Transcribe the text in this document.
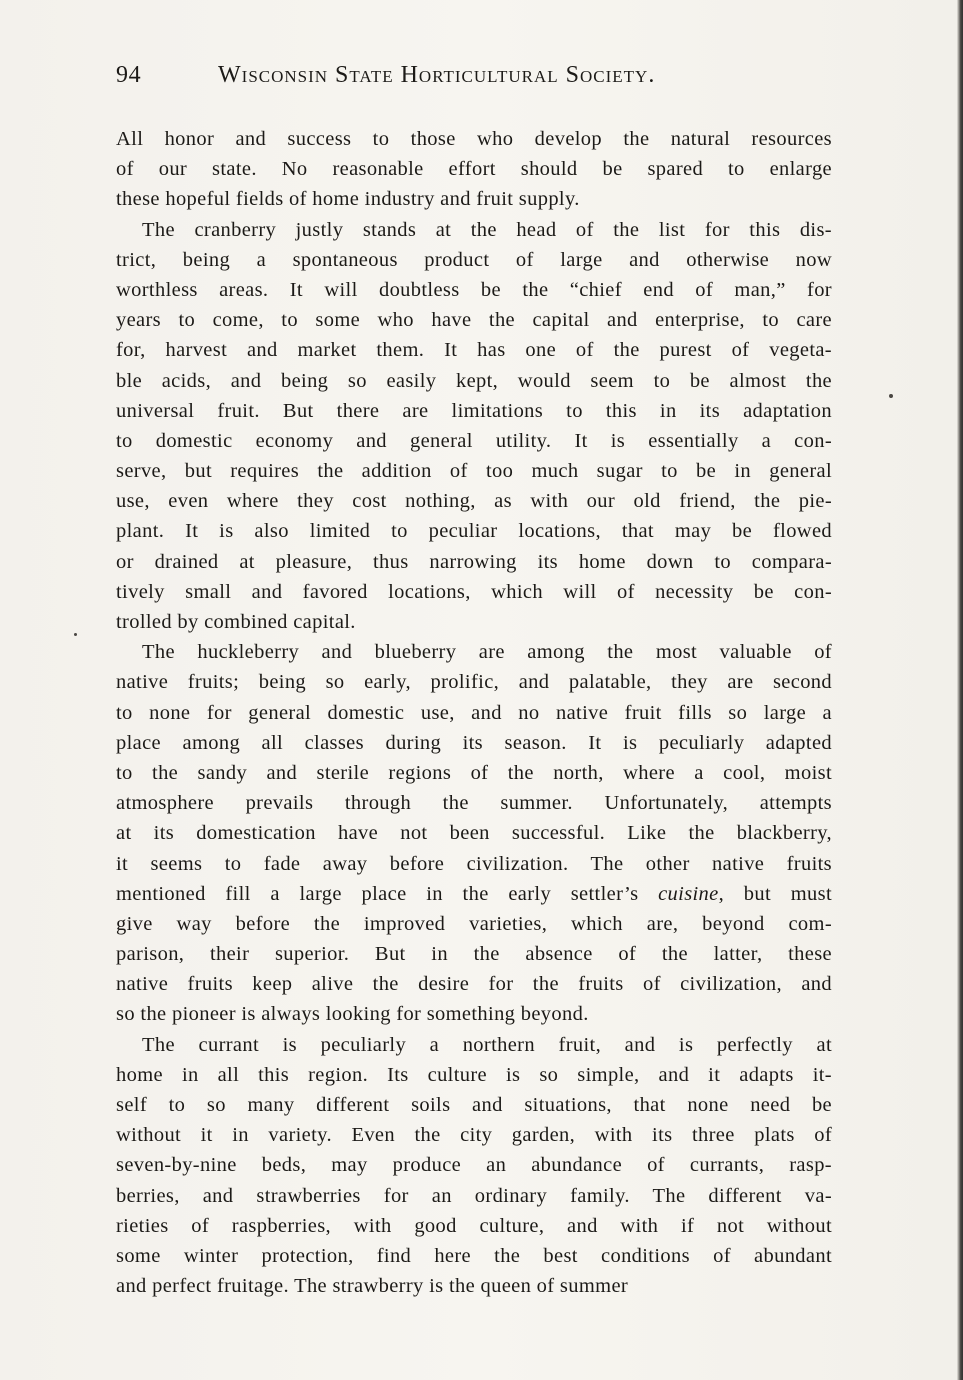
94	Wisconsin State Horticultural Society.
All honor and success to those who develop the natural resources
of our state. No reasonable effort should be spared to enlarge
these hopeful fields of home industry and fruit supply.
The cranberry justly stands at the head of the list for this dis-
trict, being a spontaneous product of large and otherwise now
worthless areas. It will doubtless be the “chief end of man,” for
years to come, to some who have the capital and enterprise, to care
for, harvest and market them. It has one of the purest of vegeta-
ble acids, and being so easily kept, would seem to be almost the
universal fruit. But there are limitations to this in its adaptation
to domestic economy and general utility. It is essentially a con-
serve, but requires the addition of too much sugar to be in general
use, even where they cost nothing, as with our old friend, the pie-
plant. It is also limited to peculiar locations, that may be flowed
or drained at pleasure, thus narrowing its home down to compara-
tively small and favored locations, which will of necessity be con-
trolled by combined capital.
The huckleberry and blueberry are among the most valuable of
native fruits; being so early, prolific, and palatable, they are second
to none for general domestic use, and no native fruit fills so large a
place among all classes during its season. It is peculiarly adapted
to the sandy and sterile regions of the north, where a cool, moist
atmosphere prevails through the summer. Unfortunately, attempts
at its domestication have not been successful. Like the blackberry,
it seems to fade away before civilization. The other native fruits
mentioned fill a large place in the early settler’s cuisine, but must
give way before the improved varieties, which are, beyond com-
parison, their superior. But in the absence of the latter, these
native fruits keep alive the desire for the fruits of civilization, and
so the pioneer is always looking for something beyond.
The currant is peculiarly a northern fruit, and is perfectly at
home in all this region. Its culture is so simple, and it adapts it-
self to so many different soils and situations, that none need be
without it in variety. Even the city garden, with its three plats of
seven-by-nine beds, may produce an abundance of currants, rasp-
berries, and strawberries for an ordinary family. The different va-
rieties of raspberries, with good culture, and with if not without
some winter protection, find here the best conditions of abundant
and perfect fruitage. The strawberry is the queen of summer
